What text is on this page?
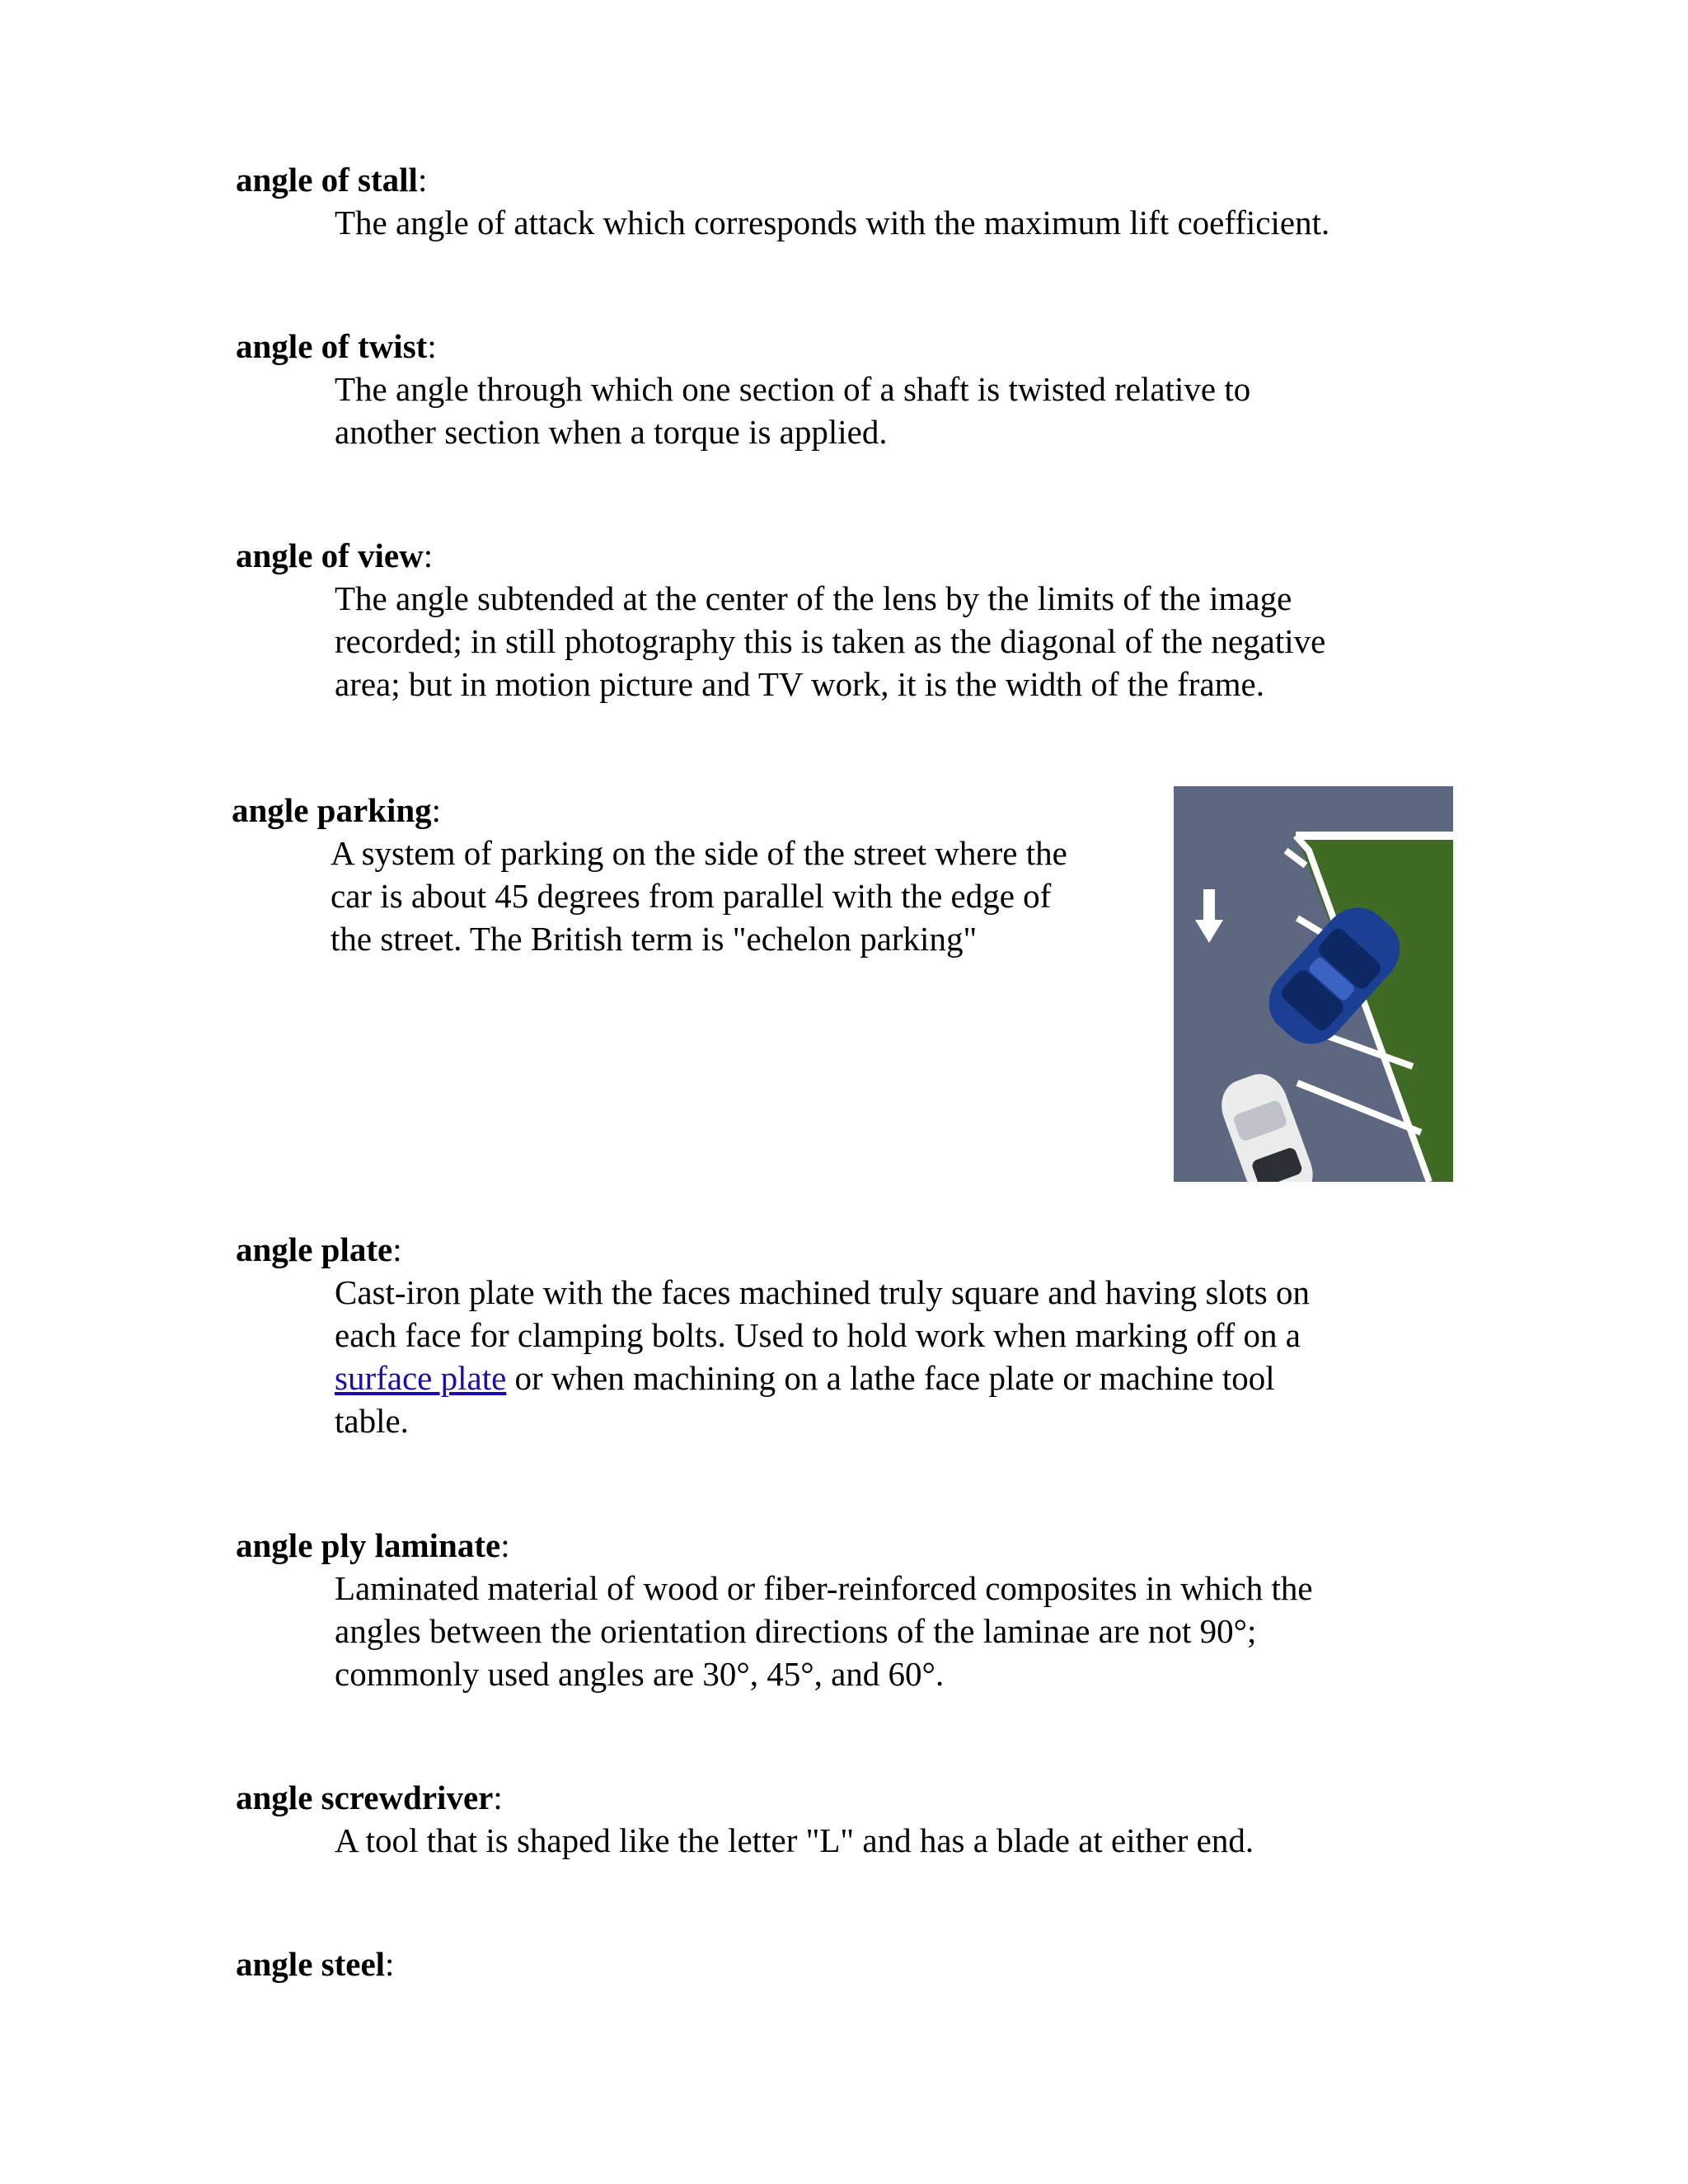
angle of stall:

The angle of attack which corresponds with the maximum lift coefficient.

angle of twist:

The angle through which one section of a shaft is twisted relative to

another section when a torque is applied.

angle of view:

The angle subtended at the center of the lens by the limits of the image

recorded; in still photography this is taken as the diagonal of the negative

area; but in motion picture and TV work, it is the width of the frame.

angle parking:

A system of parking on the side of the street where the

car is about 45 degrees from parallel with the edge of

the street. The British term is "echelon parking"

angle plate:

Cast-iron plate with the faces machined truly square and having slots on

each face for clamping bolts. Used to hold work when marking off on a

surface plate or when machining on a lathe face plate or machine tool

table.

angle ply laminate:

Laminated material of wood or fiber-reinforced composites in which the

angles between the orientation directions of the laminae are not 90°;

commonly used angles are 30°, 45°, and 60°.

angle screwdriver:

A tool that is shaped like the letter "L" and has a blade at either end.

angle steel:
